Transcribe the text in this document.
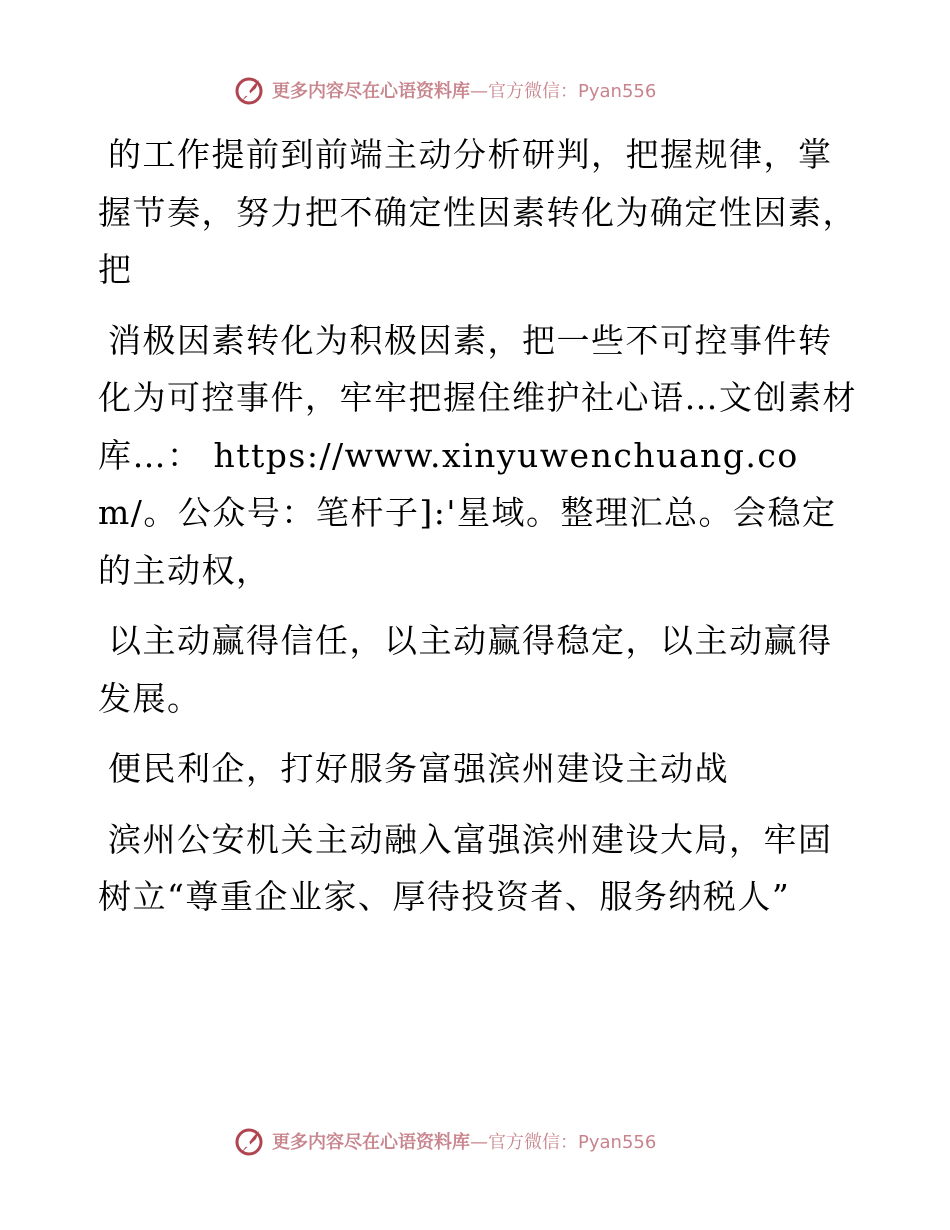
更多内容尽在心语资料库 —官方微信：Pyan556

的工作提前到前端主动分析研判，把握规律，掌握节奏，努力把不确定性因素转化为确定性因素，把

消极因素转化为积极因素，把一些不可控事件转化为可控事件，牢牢把握住维护社心语…文创素材库…： https://www.xinyuwenchuang.com/。公众号：笔杆子]:'星域。整理汇总。会稳定的主动权，

以主动赢得信任，以主动赢得稳定，以主动赢得发展。

便民利企，打好服务富强滨州建设主动战

滨州公安机关主动融入富强滨州建设大局，牢固树立“尊重企业家、厚待投资者、服务纳税人”

更多内容尽在心语资料库 —官方微信：Pyan556
